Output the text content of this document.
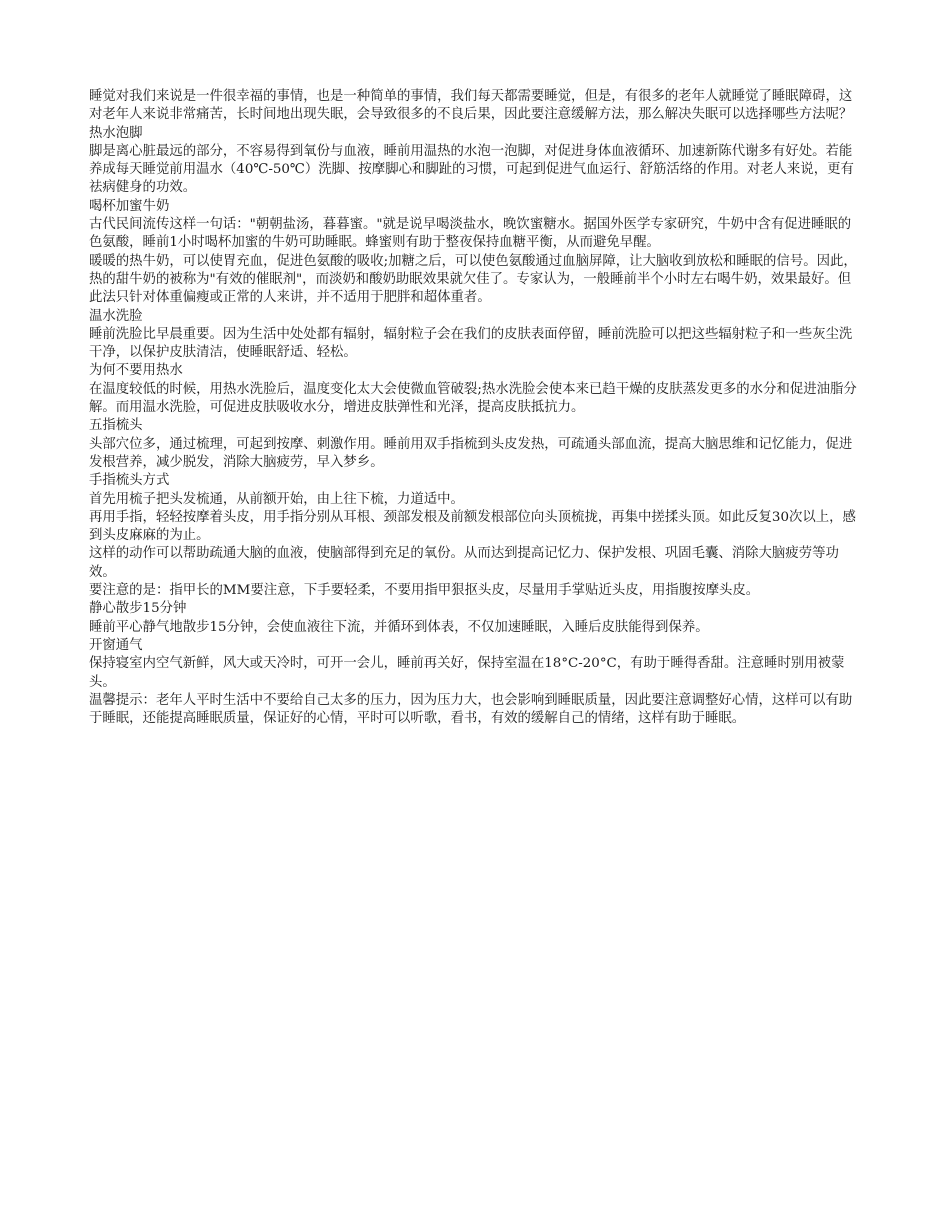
睡觉对我们来说是一件很幸福的事情，也是一种简单的事情，我们每天都需要睡觉，但是，有很多的老年人就睡觉了睡眠障碍，这对老年人来说非常痛苦，长时间地出现失眠，会导致很多的不良后果，因此要注意缓解方法，那么解决失眠可以选择哪些方法呢？

热水泡脚

脚是离心脏最远的部分，不容易得到氧份与血液，睡前用温热的水泡一泡脚，对促进身体血液循环、加速新陈代谢多有好处。若能养成每天睡觉前用温水（40℃-50℃）洗脚、按摩脚心和脚趾的习惯，可起到促进气血运行、舒筋活络的作用。对老人来说，更有祛病健身的功效。

喝杯加蜜牛奶

古代民间流传这样一句话："朝朝盐汤，暮暮蜜。"就是说早喝淡盐水，晚饮蜜糖水。据国外医学专家研究，牛奶中含有促进睡眠的色氨酸，睡前1小时喝杯加蜜的牛奶可助睡眠。蜂蜜则有助于整夜保持血糖平衡，从而避免早醒。

暖暖的热牛奶，可以使胃充血，促进色氨酸的吸收;加糖之后，可以使色氨酸通过血脑屏障，让大脑收到放松和睡眠的信号。因此，热的甜牛奶的被称为"有效的催眠剂"，而淡奶和酸奶助眠效果就欠佳了。专家认为，一般睡前半个小时左右喝牛奶，效果最好。但此法只针对体重偏瘦或正常的人来讲，并不适用于肥胖和超体重者。

温水洗脸

睡前洗脸比早晨重要。因为生活中处处都有辐射，辐射粒子会在我们的皮肤表面停留，睡前洗脸可以把这些辐射粒子和一些灰尘洗干净，以保护皮肤清洁，使睡眠舒适、轻松。

为何不要用热水

在温度较低的时候，用热水洗脸后，温度变化太大会使微血管破裂;热水洗脸会使本来已趋干燥的皮肤蒸发更多的水分和促进油脂分解。而用温水洗脸，可促进皮肤吸收水分，增进皮肤弹性和光泽，提高皮肤抵抗力。

五指梳头

头部穴位多，通过梳理，可起到按摩、刺激作用。睡前用双手指梳到头皮发热，可疏通头部血流，提高大脑思维和记忆能力，促进发根营养，减少脱发，消除大脑疲劳，早入梦乡。

手指梳头方式

首先用梳子把头发梳通，从前额开始，由上往下梳，力道适中。

再用手指，轻轻按摩着头皮，用手指分别从耳根、颈部发根及前额发根部位向头顶梳拢，再集中搓揉头顶。如此反复30次以上，感到头皮麻麻的为止。

这样的动作可以帮助疏通大脑的血液，使脑部得到充足的氧份。从而达到提高记忆力、保护发根、巩固毛囊、消除大脑疲劳等功效。

要注意的是：指甲长的MM要注意，下手要轻柔，不要用指甲狠抠头皮，尽量用手掌贴近头皮，用指腹按摩头皮。

静心散步15分钟

睡前平心静气地散步15分钟，会使血液往下流，并循环到体表，不仅加速睡眠，入睡后皮肤能得到保养。

开窗通气

保持寝室内空气新鲜，风大或天冷时，可开一会儿，睡前再关好，保持室温在18°C-20°C，有助于睡得香甜。注意睡时别用被蒙头。

温馨提示：老年人平时生活中不要给自己太多的压力，因为压力大，也会影响到睡眠质量，因此要注意调整好心情，这样可以有助于睡眠，还能提高睡眠质量，保证好的心情，平时可以听歌，看书，有效的缓解自己的情绪，这样有助于睡眠。
